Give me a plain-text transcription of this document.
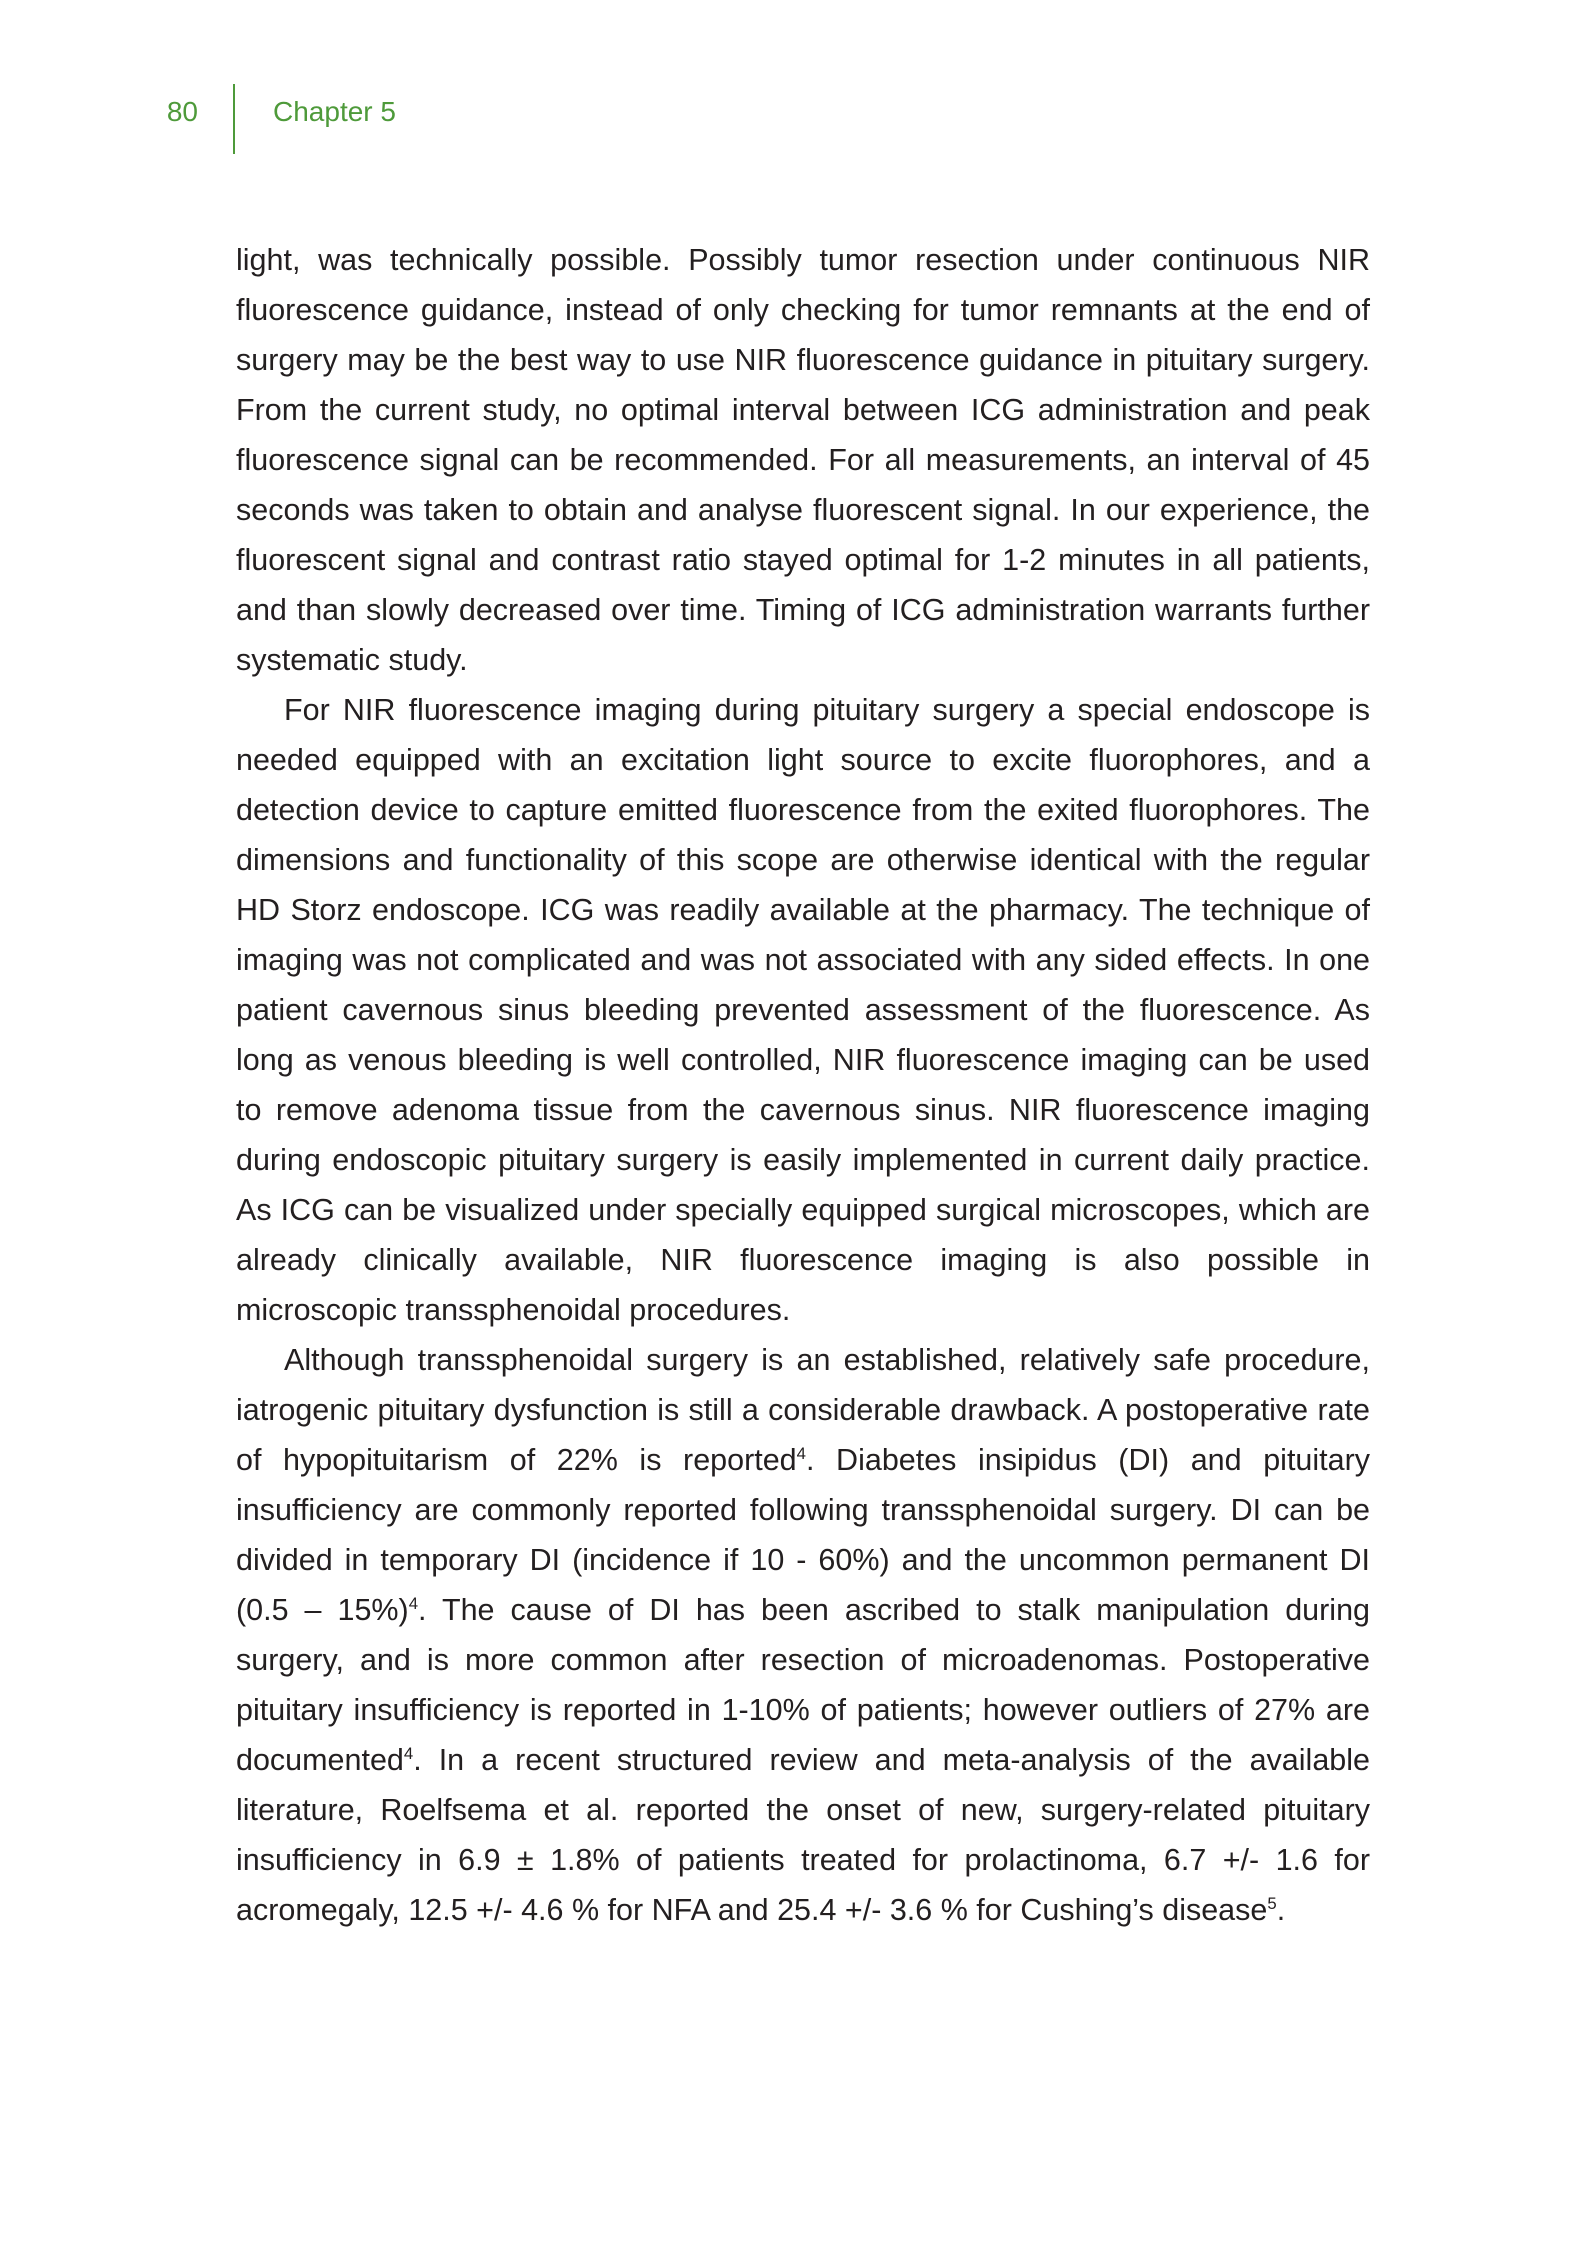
80	Chapter 5

light, was technically possible. Possibly tumor resection under continuous NIR fluorescence guidance, instead of only checking for tumor remnants at the end of surgery may be the best way to use NIR fluorescence guidance in pituitary surgery. From the current study, no optimal interval between ICG administration and peak fluorescence signal can be recommended. For all measurements, an interval of 45 seconds was taken to obtain and analyse fluorescent signal. In our experience, the fluorescent signal and contrast ratio stayed optimal for 1-2 minutes in all patients, and than slowly decreased over time. Timing of ICG administration warrants further systematic study.

For NIR fluorescence imaging during pituitary surgery a special endoscope is needed equipped with an excitation light source to excite fluorophores, and a detection device to capture emitted fluorescence from the exited fluorophores. The dimensions and functionality of this scope are otherwise identical with the regular HD Storz endoscope. ICG was readily available at the pharmacy. The technique of imaging was not complicated and was not associated with any sided effects. In one patient cavernous sinus bleeding prevented assessment of the fluorescence. As long as venous bleeding is well controlled, NIR fluorescence imaging can be used to remove adenoma tissue from the cavernous sinus. NIR fluorescence imaging during endoscopic pituitary surgery is easily implemented in current daily practice. As ICG can be visualized under specially equipped surgical microscopes, which are already clinically available, NIR fluorescence imaging is also possible in microscopic transsphenoidal procedures.

Although transsphenoidal surgery is an established, relatively safe procedure, iatrogenic pituitary dysfunction is still a considerable drawback. A postoperative rate of hypopituitarism of 22% is reported$^4$. Diabetes insipidus (DI) and pituitary insufficiency are commonly reported following transsphenoidal surgery. DI can be divided in temporary DI (incidence if 10 - 60%) and the uncommon permanent DI (0.5 – 15%)$^4$. The cause of DI has been ascribed to stalk manipulation during surgery, and is more common after resection of microadenomas. Postoperative pituitary insufficiency is reported in 1-10% of patients; however outliers of 27% are documented$^4$. In a recent structured review and meta-analysis of the available literature, Roelfsema et al. reported the onset of new, surgery-related pituitary insufficiency in 6.9 ± 1.8% of patients treated for prolactinoma, 6.7 +/- 1.6 for acromegaly, 12.5 +/- 4.6 % for NFA and 25.4 +/- 3.6 % for Cushing’s disease$^5$.
